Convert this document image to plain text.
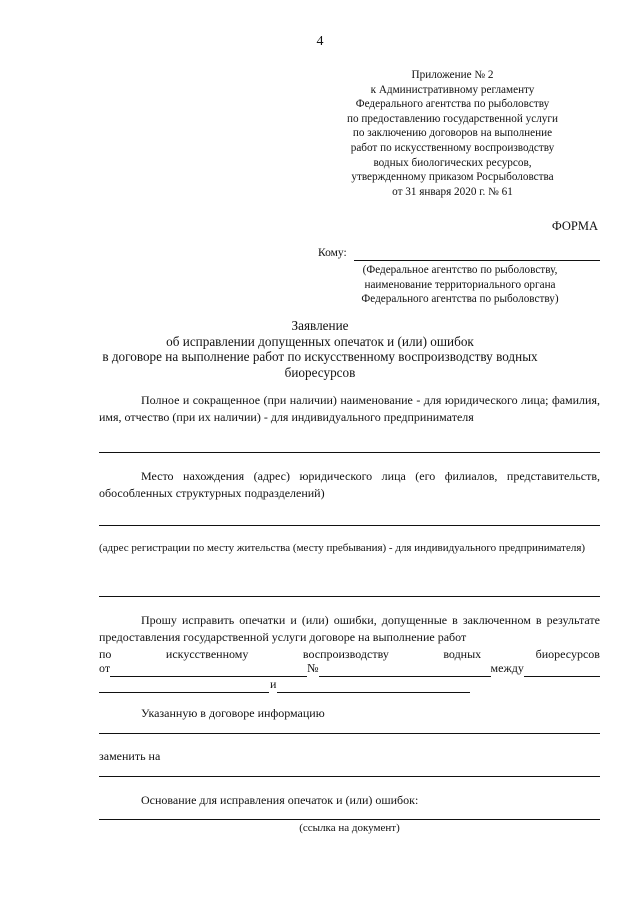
4
Приложение № 2
к Административному регламенту
Федерального агентства по рыболовству
по предоставлению государственной услуги
по заключению договоров на выполнение
работ по искусственному воспроизводству
водных биологических ресурсов,
утвержденному приказом Росрыболовства
от 31 января 2020 г. № 61
ФОРМА
Кому:
(Федеральное агентство по рыболовству,
наименование территориального органа
Федерального агентства по рыболовству)
Заявление
об исправлении допущенных опечаток и (или) ошибок
в договоре на выполнение работ по искусственному воспроизводству водных
биоресурсов
Полное и сокращенное (при наличии) наименование - для юридического лица; фамилия, имя, отчество (при их наличии) - для индивидуального предпринимателя
Место нахождения (адрес) юридического лица (его филиалов, представительств, обособленных структурных подразделений)
(адрес регистрации по месту жительства (месту пребывания) - для индивидуального предпринимателя)
Прошу исправить опечатки и (или) ошибки, допущенные в заключенном в результате предоставления государственной услуги договоре на выполнение работ
по	искусственному	воспроизводству	водных	биоресурсов
от	№	между
и
Указанную в договоре информацию
заменить на
Основание для исправления опечаток и (или) ошибок:
(ссылка на документ)
